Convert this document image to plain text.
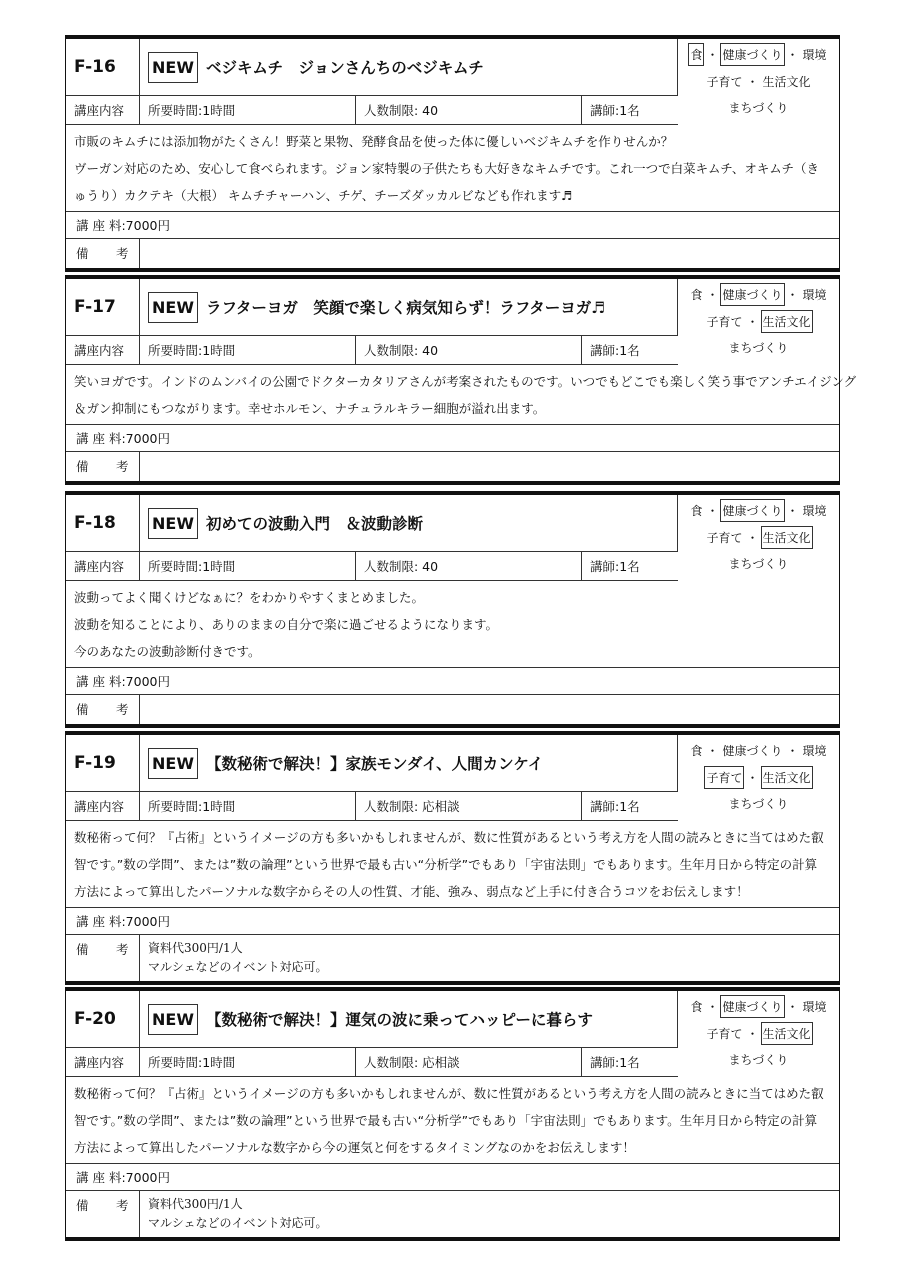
F-16	NEW ベジキムチ　ジョンさんちのベジキムチ
食 ・ 健康づくり ・ 環境
子育て ・ 生活文化
まちづくり
講座内容	所要時間:1時間	人数制限: 40	講師:1名
市販のキムチには添加物がたくさん！野菜と果物、発酵食品を使った体に優しいベジキムチを作りせんか？
ヴーガン対応のため、安心して食べられます。ジョン家特製の子供たちも大好きなキムチです。これ一つで白菜キムチ、オキムチ（き
ゅうり）カクテキ（大根） キムチチャーハン、チゲ、チーズダッカルビなども作れます♬
講 座 料: 7000円
備	考
F-17	NEW ラフターヨガ　笑顔で楽しく病気知らず！ラフターヨガ♬
食 ・ 健康づくり ・ 環境
子育て ・ 生活文化
まちづくり
講座内容	所要時間:1時間	人数制限: 40	講師:1名
笑いヨガです。インドのムンバイの公園でドクターカタリアさんが考案されたものです。いつでもどこでも楽しく笑う事でアンチエイジング
＆ガン抑制にもつながります。幸せホルモン、ナチュラルキラー細胞が溢れ出ます。
講 座 料: 7000円
備	考
F-18	NEW 初めての波動入門　＆波動診断
食 ・ 健康づくり ・ 環境
子育て ・ 生活文化
まちづくり
講座内容	所要時間:1時間	人数制限: 40	講師:1名
波動ってよく聞くけどなぁに？をわかりやすくまとめました。
波動を知ることにより、ありのままの自分で楽に過ごせるようになります。
今のあなたの波動診断付きです。
講 座 料: 7000円
備	考
F-19	NEW 【数秘術で解決！】家族モンダイ、人間カンケイ
食 ・ 健康づくり ・ 環境
子育て ・ 生活文化
まちづくり
講座内容	所要時間:1時間	人数制限: 応相談	講師:1名
数秘術って何？『占術』というイメージの方も多いかもしれませんが、数に性質があるという考え方を人間の読みときに当てはめた叡
智です。”数の学問”、または”数の論理”という世界で最も古い“分析学”でもあり「宇宙法則」でもあります。生年月日から特定の計算
方法によって算出したパーソナルな数字からその人の性質、才能、強み、弱点など上手に付き合うコツをお伝えします！
講 座 料: 7000円
備	考 資料代300円/1人
マルシェなどのイベント対応可。
F-20	NEW 【数秘術で解決！】運気の波に乗ってハッピーに暮らす
食 ・ 健康づくり ・ 環境
子育て ・ 生活文化
まちづくり
講座内容	所要時間:1時間	人数制限: 応相談	講師:1名
数秘術って何？『占術』というイメージの方も多いかもしれませんが、数に性質があるという考え方を人間の読みときに当てはめた叡
智です。”数の学問”、または”数の論理”という世界で最も古い“分析学”でもあり「宇宙法則」でもあります。生年月日から特定の計算
方法によって算出したパーソナルな数字から今の運気と何をするタイミングなのかをお伝えします！
講 座 料: 7000円
備	考 資料代300円/1人
マルシェなどのイベント対応可。
